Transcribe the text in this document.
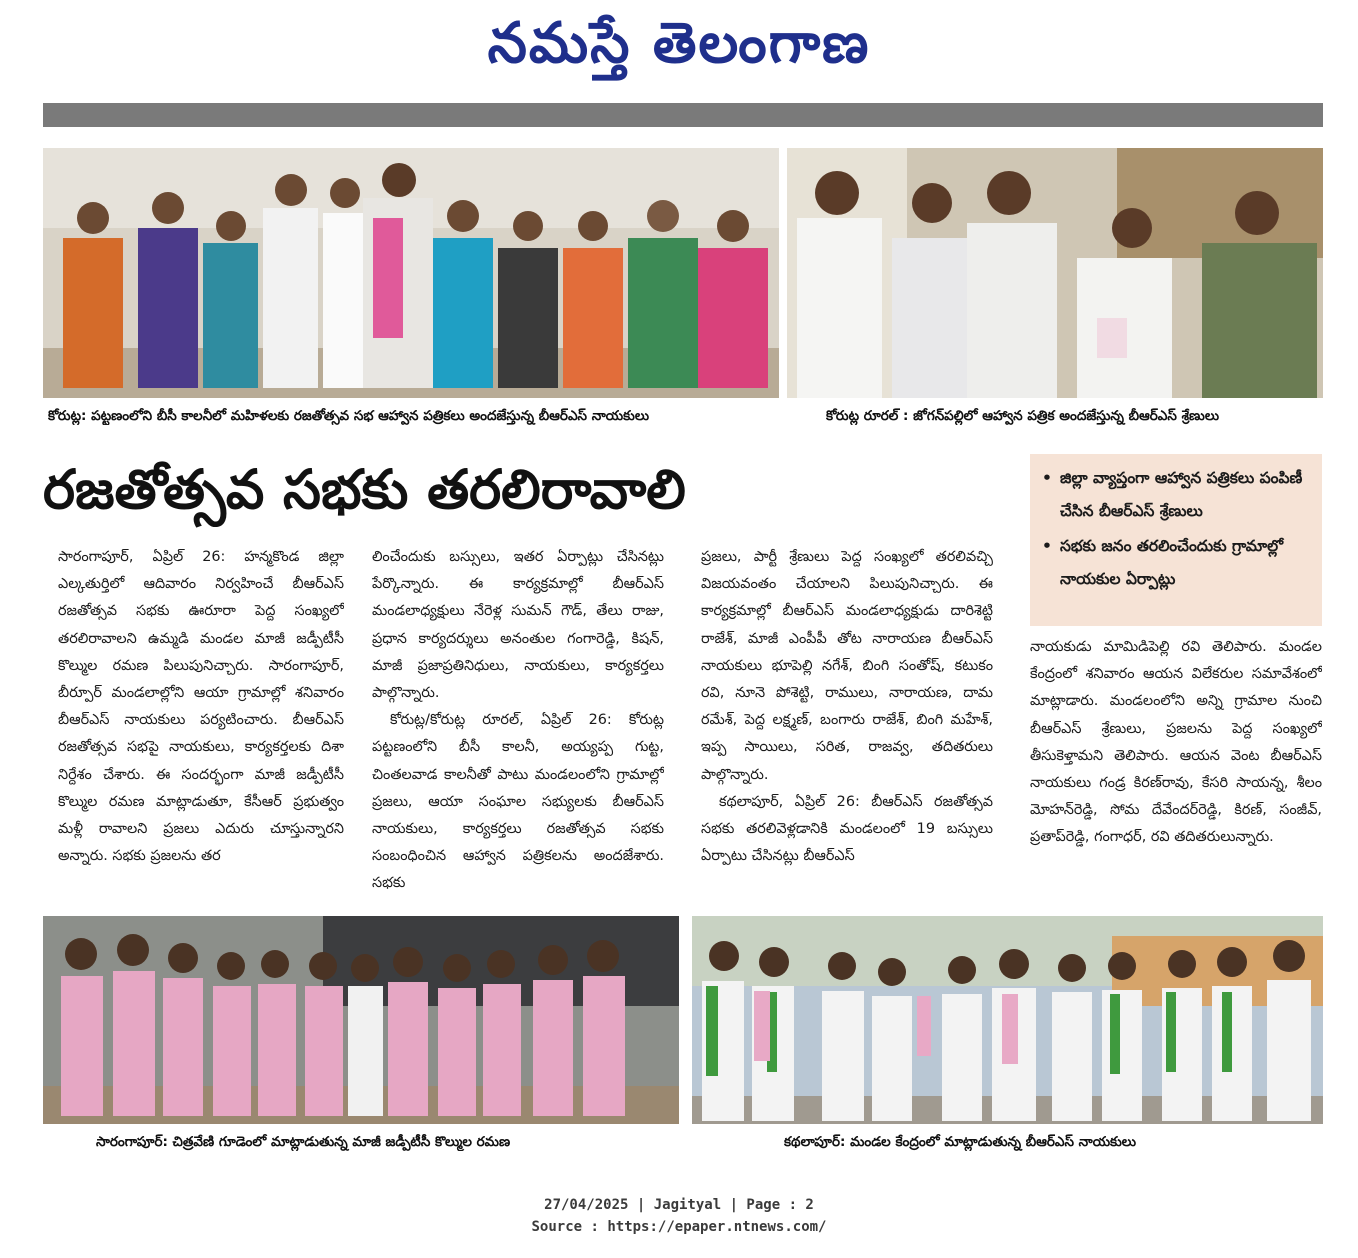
నమస్తే తెలంగాణ
కోరుట్ల: పట్టణంలోని బీసీ కాలనీలో మహిళలకు రజతోత్సవ సభ ఆహ్వాన పత్రికలు అందజేస్తున్న బీఆర్ఎస్ నాయకులు	కోరుట్ల రూరల్ : జోగన్‌పల్లిలో ఆహ్వాన పత్రిక అందజేస్తున్న బీఆర్ఎస్ శ్రేణులు
రజతోత్సవ సభకు తరలిరావాలి	• జిల్లా వ్యాప్తంగా ఆహ్వాన పత్రికలు పంపిణీ చేసిన బీఆర్ఎస్ శ్రేణులు
• సభకు జనం తరలించేందుకు గ్రామాల్లో నాయకుల ఏర్పాట్లు

సారంగాపూర్, ఏప్రిల్ 26: హన్మకొండ జిల్లా ఎల్కతుర్తిలో ఆదివారం నిర్వహించే బీఆర్ఎస్ రజతోత్సవ సభకు ఊరూరా పెద్ద సంఖ్యలో తరలిరావాలని ఉమ్మడి మండల మాజీ జడ్పీటీసీ కొల్ముల రమణ పిలుపునిచ్చారు. సారంగాపూర్, బీర్పూర్ మండలాల్లోని ఆయా గ్రామాల్లో శనివారం బీఆర్ఎస్ నాయకులు పర్యటించారు. బీఆర్ఎస్ రజతోత్సవ సభపై నాయకులు, కార్యకర్తలకు దిశా నిర్దేశం చేశారు. ఈ సందర్భంగా మాజీ జడ్పీటీసీ కొల్ముల రమణ మాట్లాడుతూ, కేసీఆర్ ప్రభుత్వం మళ్లీ రావాలని ప్రజలు ఎదురు చూస్తున్నారని అన్నారు. సభకు ప్రజలను తర

లించేందుకు బస్సులు, ఇతర ఏర్పాట్లు చేసినట్లు పేర్కొన్నారు. ఈ కార్యక్రమాల్లో బీఆర్ఎస్ మండలాధ్యక్షులు నేరెళ్ల సుమన్ గౌడ్, తేలు రాజు, ప్రధాన కార్యదర్శులు అనంతుల గంగారెడ్డి, కిషన్, మాజీ ప్రజాప్రతినిధులు, నాయకులు, కార్యకర్తలు పాల్గొన్నారు.

కోరుట్ల/కోరుట్ల రూరల్, ఏప్రిల్ 26: కోరుట్ల పట్టణంలోని బీసీ కాలనీ, అయ్యప్ప గుట్ట, చింతలవాడ కాలనీతో పాటు మండలంలోని గ్రామాల్లో ప్రజలు, ఆయా సంఘాల సభ్యులకు బీఆర్ఎస్ నాయకులు, కార్యకర్తలు రజతోత్సవ సభకు సంబంధించిన ఆహ్వాన పత్రికలను అందజేశారు. సభకు

ప్రజలు, పార్టీ శ్రేణులు పెద్ద సంఖ్యలో తరలివచ్చి విజయవంతం చేయాలని పిలుపునిచ్చారు. ఈ కార్యక్రమాల్లో బీఆర్ఎస్ మండలాధ్యక్షుడు దారిశెట్టి రాజేశ్, మాజీ ఎంపీపీ తోట నారాయణ బీఆర్ఎస్ నాయకులు భూపెల్లి నగేశ్, బింగి సంతోష్, కటుకం రవి, నూనె పోశెట్టి, రాములు, నారాయణ, దామ రమేశ్, పెద్ద లక్ష్మణ్, బంగారు రాజేశ్, బింగి మహేశ్, ఇప్ప సాయిలు, సరిత, రాజవ్వ, తదితరులు పాల్గొన్నారు.

కథలాపూర్, ఏప్రిల్ 26: బీఆర్ఎస్ రజతోత్సవ సభకు తరలివెళ్లడానికి మండలంలో 19 బస్సులు ఏర్పాటు చేసినట్లు బీఆర్ఎస్

నాయకుడు మామిడిపెల్లి రవి తెలిపారు. మండల కేంద్రంలో శనివారం ఆయన విలేకరుల సమావేశంలో మాట్లాడారు. మండలంలోని అన్ని గ్రామాల నుంచి బీఆర్ఎస్ శ్రేణులు, ప్రజలను పెద్ద సంఖ్యలో తీసుకెళ్తామని తెలిపారు. ఆయన వెంట బీఆర్ఎస్ నాయకులు గండ్ర కిరణ్‌రావు, కేసరి సాయన్న, శీలం మోహన్‌రెడ్డి, సోమ దేవేందర్‌రెడ్డి, కిరణ్, సంజీవ్, ప్రతాప్‌రెడ్డి, గంగాధర్, రవి తదితరులున్నారు.

సారంగాపూర్: చిత్రవేణి గూడెంలో మాట్లాడుతున్న మాజీ జడ్పీటీసీ కొల్ముల రమణ	కథలాపూర్: మండల కేంద్రంలో మాట్లాడుతున్న బీఆర్ఎస్ నాయకులు
27/04/2025 | Jagityal | Page : 2
Source : https://epaper.ntnews.com/
